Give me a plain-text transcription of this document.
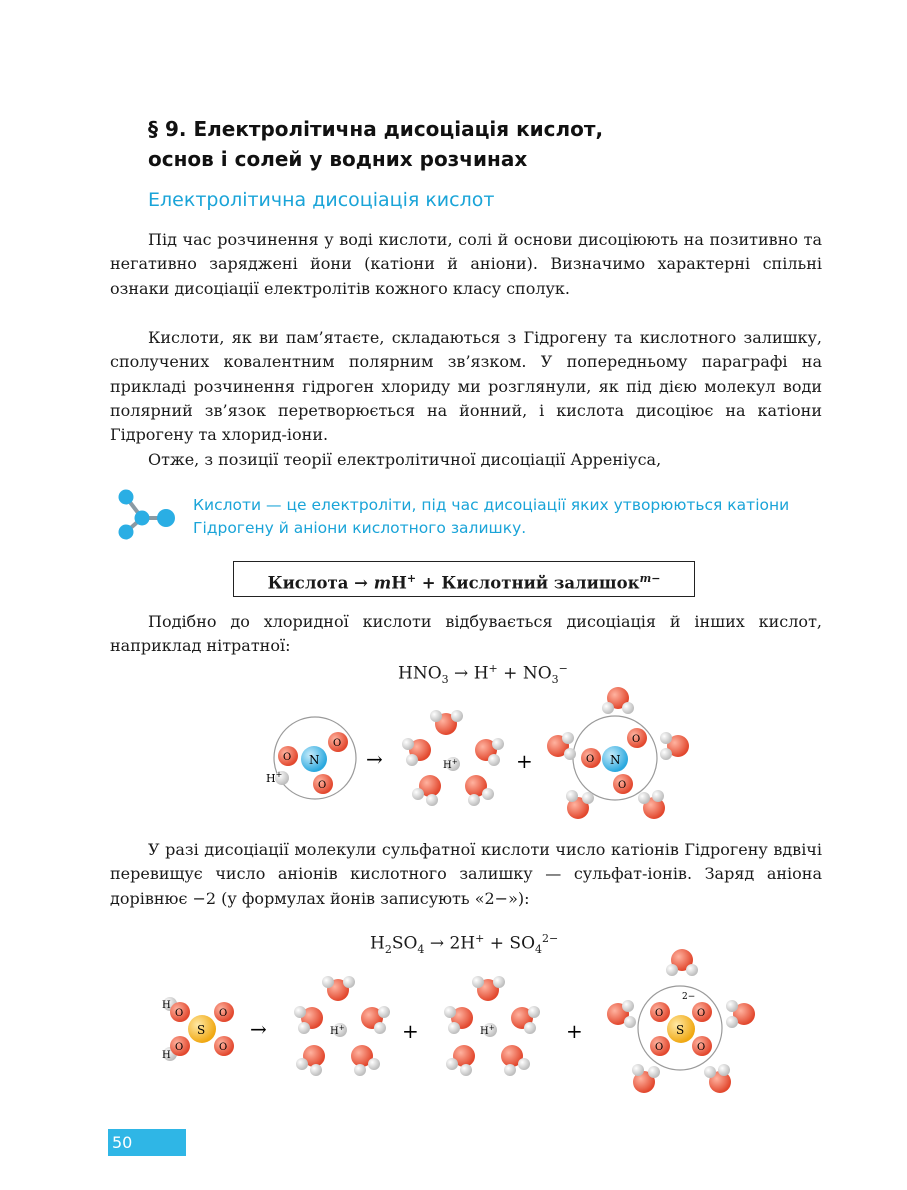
§ 9. Електролітична дисоціація кислот,
основ і солей у водних розчинах
Електролітична дисоціація кислот
Під час розчинення у воді кислоти, солі й основи дисоціюють на позитивно та негативно заряджені йони (катіони й аніони). Визначимо характерні спільні ознаки дисоціації електролітів кожного класу сполук.
Кислоти, як ви пам’ятаєте, складаються з Гідрогену та кислотного залишку, сполучених ковалентним полярним зв’язком. У попередньому параграфі на прикладі розчинення гідроген хлориду ми розглянули, як під дією молекул води полярний зв’язок перетворюється на йонний, і кислота дисоціює на катіони Гідрогену та хлорид-іони.
Отже, з позиції теорії електролітичної дисоціації Арреніуса,
Кислоти — це електроліти, під час дисоціації яких утворюються катіони Гідрогену й аніони кислотного залишку.
Кислота → mH+ + Кислотний залишок$^{m-}$
Подібно до хлоридної кислоти відбувається дисоціація й інших кислот, наприклад нітратної:
$HNO_3 \to H^+ + NO_3^-$
H+
N
O
O
O
→	H+	+	N
O
O
O
У разі дисоціації молекули сульфатної кислоти число катіонів Гідрогену вдвічі перевищує число аніонів кислотного залишку — сульфат-іонів. Заряд аніона дорівнює −2 (у формулах йонів записують «2−»):
$H_2SO_4 \to 2H^+ + SO_4^{2-}$
H
H
S
O	O
O	O
→	H+	+	H+	+
2−
S
O	O
O	O
50
